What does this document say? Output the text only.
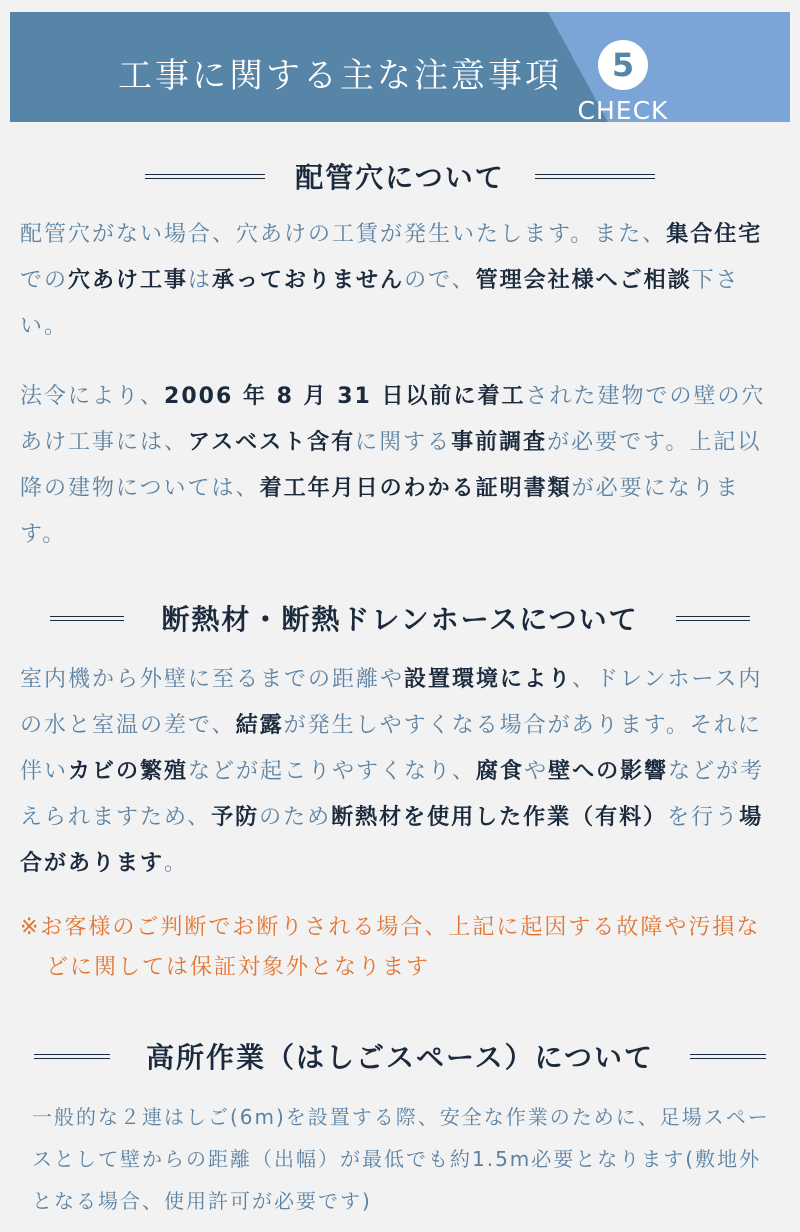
工事に関する主な注意事項	5
CHECK
配管穴について
配管穴がない場合、穴あけの工賃が発生いたします。また、集合住宅での穴あけ工事は承っておりませんので、管理会社様へご相談下さい。
法令により、2006 年 8 月 31 日以前に着工された建物での壁の穴あけ工事には、アスベスト含有に関する事前調査が必要です。上記以降の建物については、着工年月日のわかる証明書類が必要になります。
断熱材・断熱ドレンホースについて
室内機から外壁に至るまでの距離や設置環境により、ドレンホース内の水と室温の差で、結露が発生しやすくなる場合があります。それに伴いカビの繁殖などが起こりやすくなり、腐食や壁への影響などが考えられますため、予防のため断熱材を使用した作業（有料）を行う場合があります。
※お客様のご判断でお断りされる場合、上記に起因する故障や汚損などに関しては保証対象外となります
高所作業（はしごスペース）について
一般的な２連はしご(6m)を設置する際、安全な作業のために、足場スペースとして壁からの距離（出幅）が最低でも約1.5m必要となります(敷地外となる場合、使用許可が必要です)
